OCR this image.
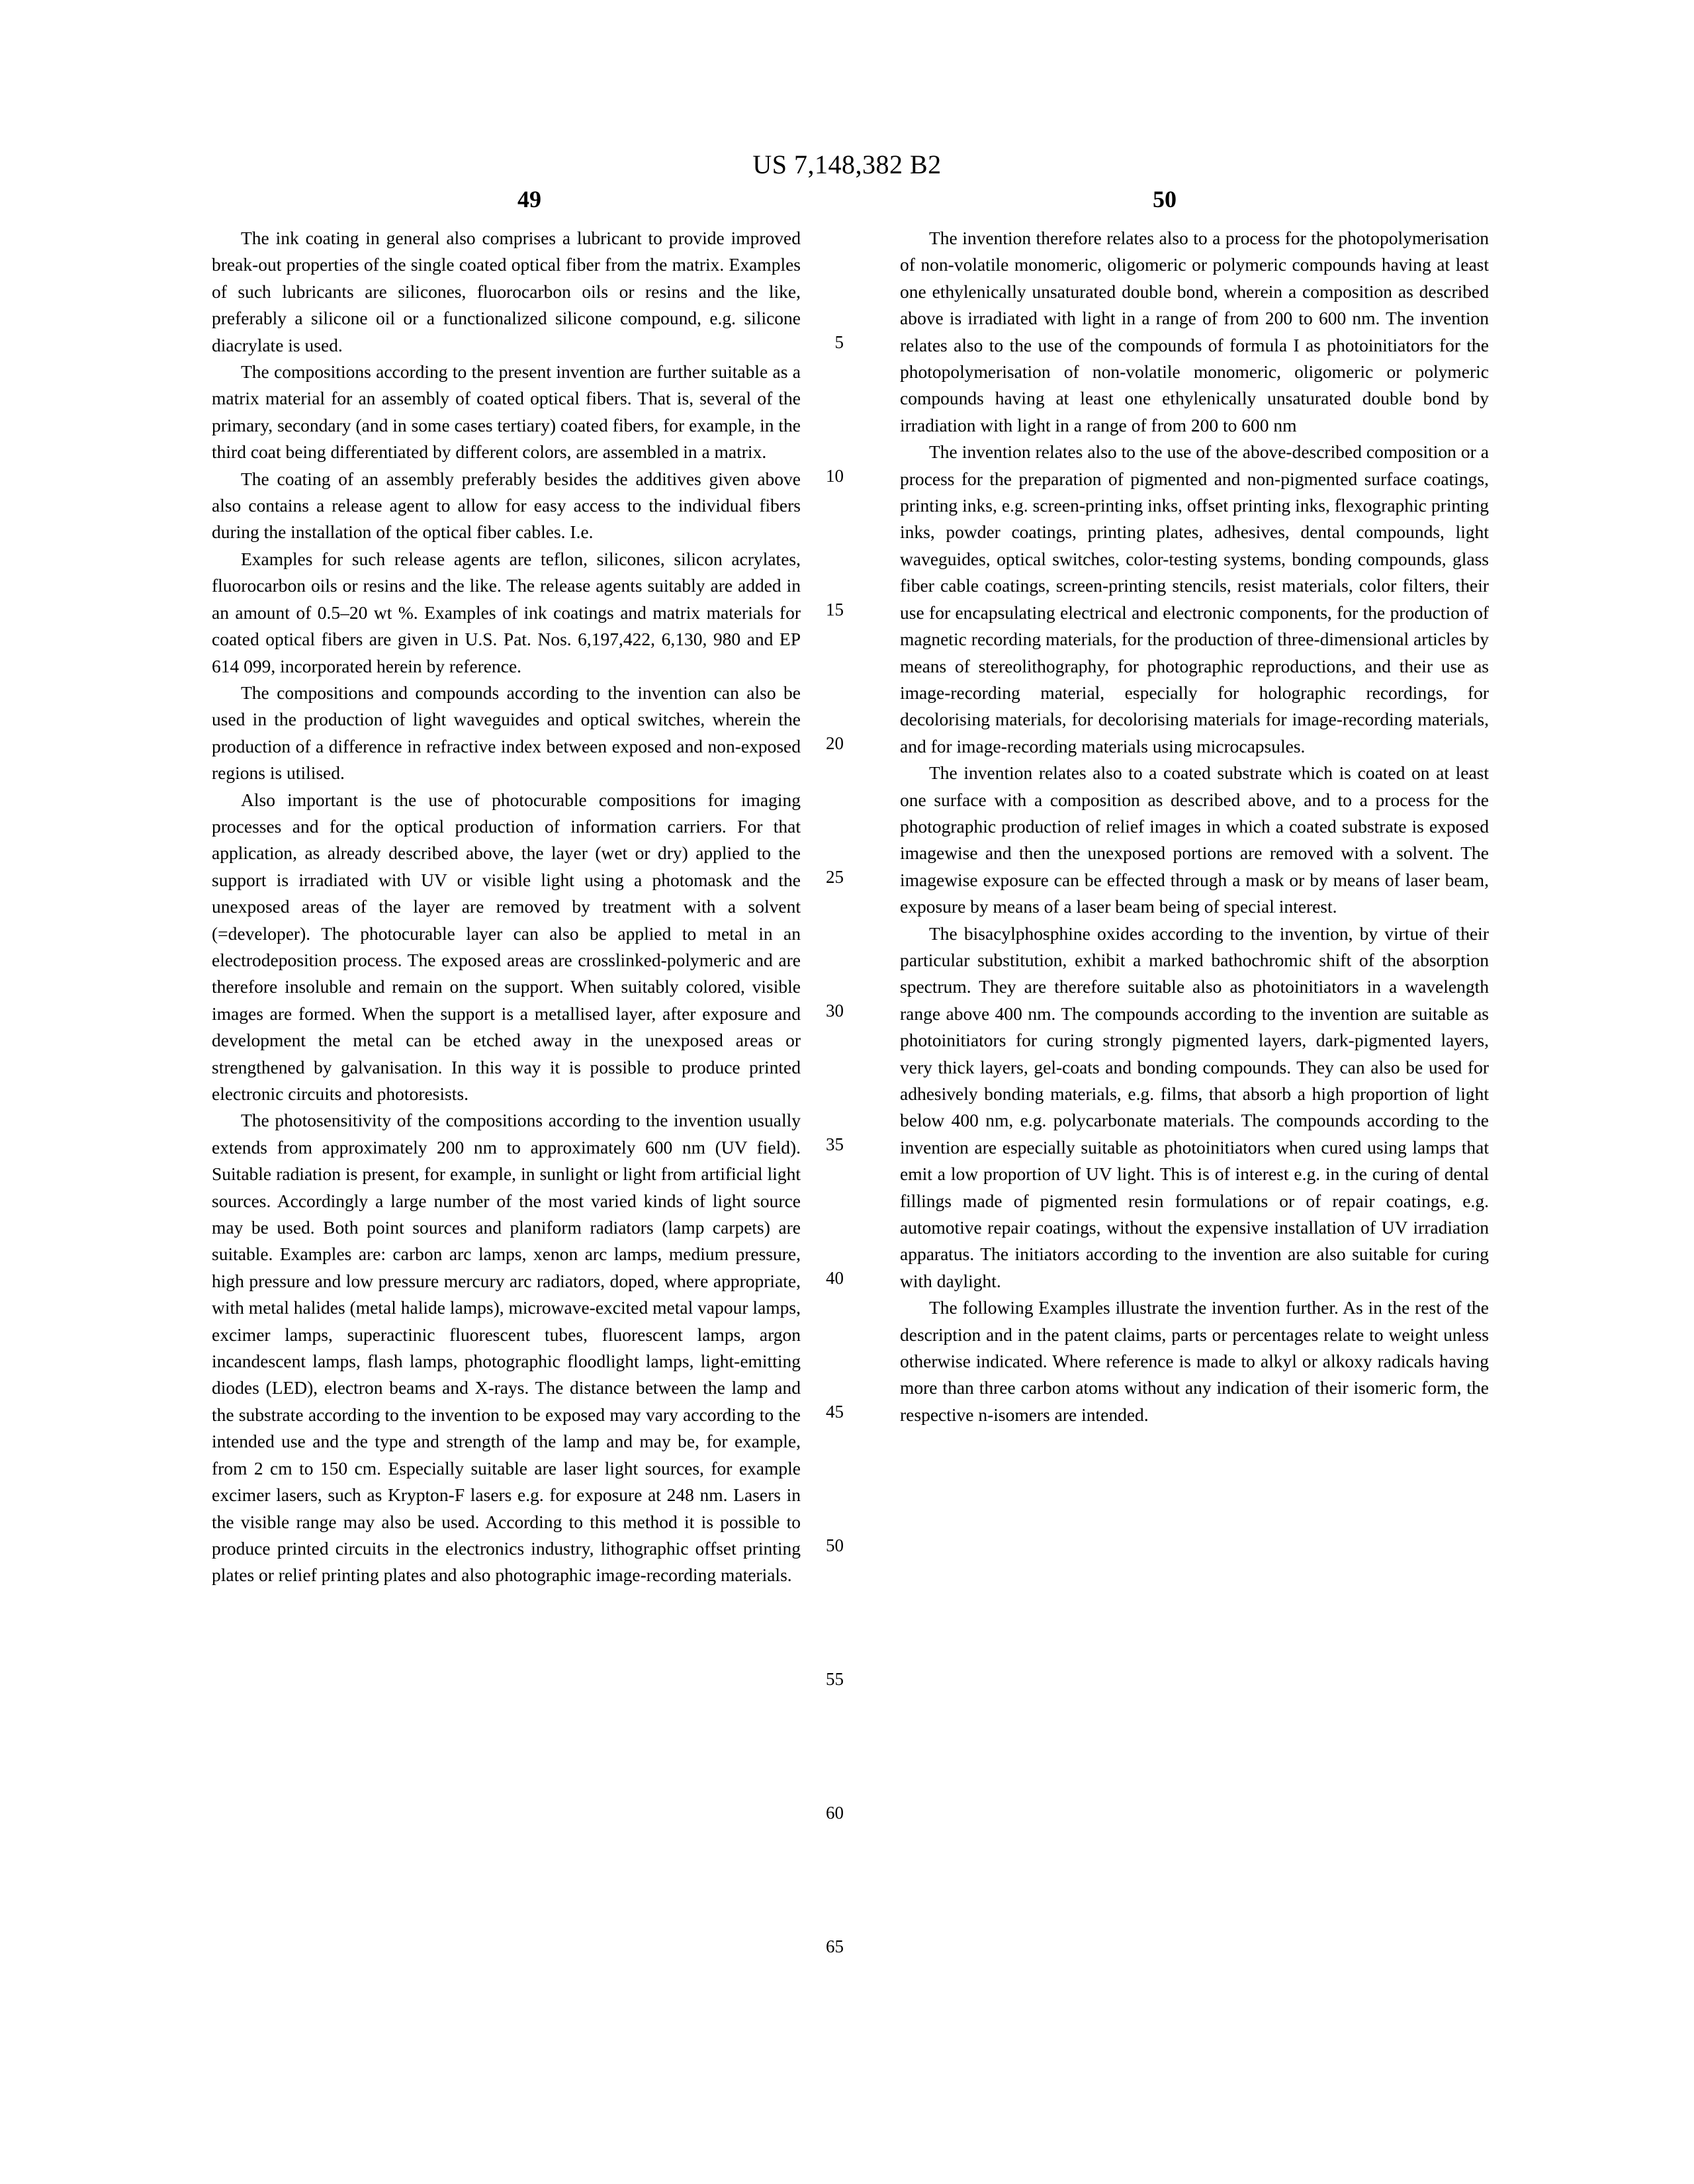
US 7,148,382 B2
49	50

The ink coating in general also comprises a lubricant to provide improved break-out properties of the single coated optical fiber from the matrix. Examples of such lubricants are silicones, fluorocarbon oils or resins and the like, preferably a silicone oil or a functionalized silicone compound, e.g. silicone diacrylate is used.

The compositions according to the present invention are further suitable as a matrix material for an assembly of coated optical fibers. That is, several of the primary, secondary (and in some cases tertiary) coated fibers, for example, in the third coat being differentiated by different colors, are assembled in a matrix.

The coating of an assembly preferably besides the additives given above also contains a release agent to allow for easy access to the individual fibers during the installation of the optical fiber cables. I.e.

Examples for such release agents are teflon, silicones, silicon acrylates, fluorocarbon oils or resins and the like. The release agents suitably are added in an amount of 0.5–20 wt %. Examples of ink coatings and matrix materials for coated optical fibers are given in U.S. Pat. Nos. 6,197,422, 6,130, 980 and EP 614 099, incorporated herein by reference.

The compositions and compounds according to the invention can also be used in the production of light waveguides and optical switches, wherein the production of a difference in refractive index between exposed and non-exposed regions is utilised.

Also important is the use of photocurable compositions for imaging processes and for the optical production of information carriers. For that application, as already described above, the layer (wet or dry) applied to the support is irradiated with UV or visible light using a photomask and the unexposed areas of the layer are removed by treatment with a solvent (=developer). The photocurable layer can also be applied to metal in an electrodeposition process. The exposed areas are crosslinked-polymeric and are therefore insoluble and remain on the support. When suitably colored, visible images are formed. When the support is a metallised layer, after exposure and development the metal can be etched away in the unexposed areas or strengthened by galvanisation. In this way it is possible to produce printed electronic circuits and photoresists.

The photosensitivity of the compositions according to the invention usually extends from approximately 200 nm to approximately 600 nm (UV field). Suitable radiation is present, for example, in sunlight or light from artificial light sources. Accordingly a large number of the most varied kinds of light source may be used. Both point sources and planiform radiators (lamp carpets) are suitable. Examples are: carbon arc lamps, xenon arc lamps, medium pressure, high pressure and low pressure mercury arc radiators, doped, where appropriate, with metal halides (metal halide lamps), microwave-excited metal vapour lamps, excimer lamps, superactinic fluorescent tubes, fluorescent lamps, argon incandescent lamps, flash lamps, photographic floodlight lamps, light-emitting diodes (LED), electron beams and X-rays. The distance between the lamp and the substrate according to the invention to be exposed may vary according to the intended use and the type and strength of the lamp and may be, for example, from 2 cm to 150 cm. Especially suitable are laser light sources, for example excimer lasers, such as Krypton-F lasers e.g. for exposure at 248 nm. Lasers in the visible range may also be used. According to this method it is possible to produce printed circuits in the electronics industry, lithographic offset printing plates or relief printing plates and also photographic image-recording materials.

The invention therefore relates also to a process for the photopolymerisation of non-volatile monomeric, oligomeric or polymeric compounds having at least one ethylenically unsaturated double bond, wherein a composition as described above is irradiated with light in a range of from 200 to 600 nm. The invention relates also to the use of the compounds of formula I as photoinitiators for the photopolymerisation of non-volatile monomeric, oligomeric or polymeric compounds having at least one ethylenically unsaturated double bond by irradiation with light in a range of from 200 to 600 nm

The invention relates also to the use of the above-described composition or a process for the preparation of pigmented and non-pigmented surface coatings, printing inks, e.g. screen-printing inks, offset printing inks, flexographic printing inks, powder coatings, printing plates, adhesives, dental compounds, light waveguides, optical switches, color-testing systems, bonding compounds, glass fiber cable coatings, screen-printing stencils, resist materials, color filters, their use for encapsulating electrical and electronic components, for the production of magnetic recording materials, for the production of three-dimensional articles by means of stereolithography, for photographic reproductions, and their use as image-recording material, especially for holographic recordings, for decolorising materials, for decolorising materials for image-recording materials, and for image-recording materials using microcapsules.

The invention relates also to a coated substrate which is coated on at least one surface with a composition as described above, and to a process for the photographic production of relief images in which a coated substrate is exposed imagewise and then the unexposed portions are removed with a solvent. The imagewise exposure can be effected through a mask or by means of laser beam, exposure by means of a laser beam being of special interest.

The bisacylphosphine oxides according to the invention, by virtue of their particular substitution, exhibit a marked bathochromic shift of the absorption spectrum. They are therefore suitable also as photoinitiators in a wavelength range above 400 nm. The compounds according to the invention are suitable as photoinitiators for curing strongly pigmented layers, dark-pigmented layers, very thick layers, gel-coats and bonding compounds. They can also be used for adhesively bonding materials, e.g. films, that absorb a high proportion of light below 400 nm, e.g. polycarbonate materials. The compounds according to the invention are especially suitable as photoinitiators when cured using lamps that emit a low proportion of UV light. This is of interest e.g. in the curing of dental fillings made of pigmented resin formulations or of repair coatings, e.g. automotive repair coatings, without the expensive installation of UV irradiation apparatus. The initiators according to the invention are also suitable for curing with daylight.

The following Examples illustrate the invention further. As in the rest of the description and in the patent claims, parts or percentages relate to weight unless otherwise indicated. Where reference is made to alkyl or alkoxy radicals having more than three carbon atoms without any indication of their isomeric form, the respective n-isomers are intended.

5
10
15
20
25
30
35
40
45
50
55
60
65
